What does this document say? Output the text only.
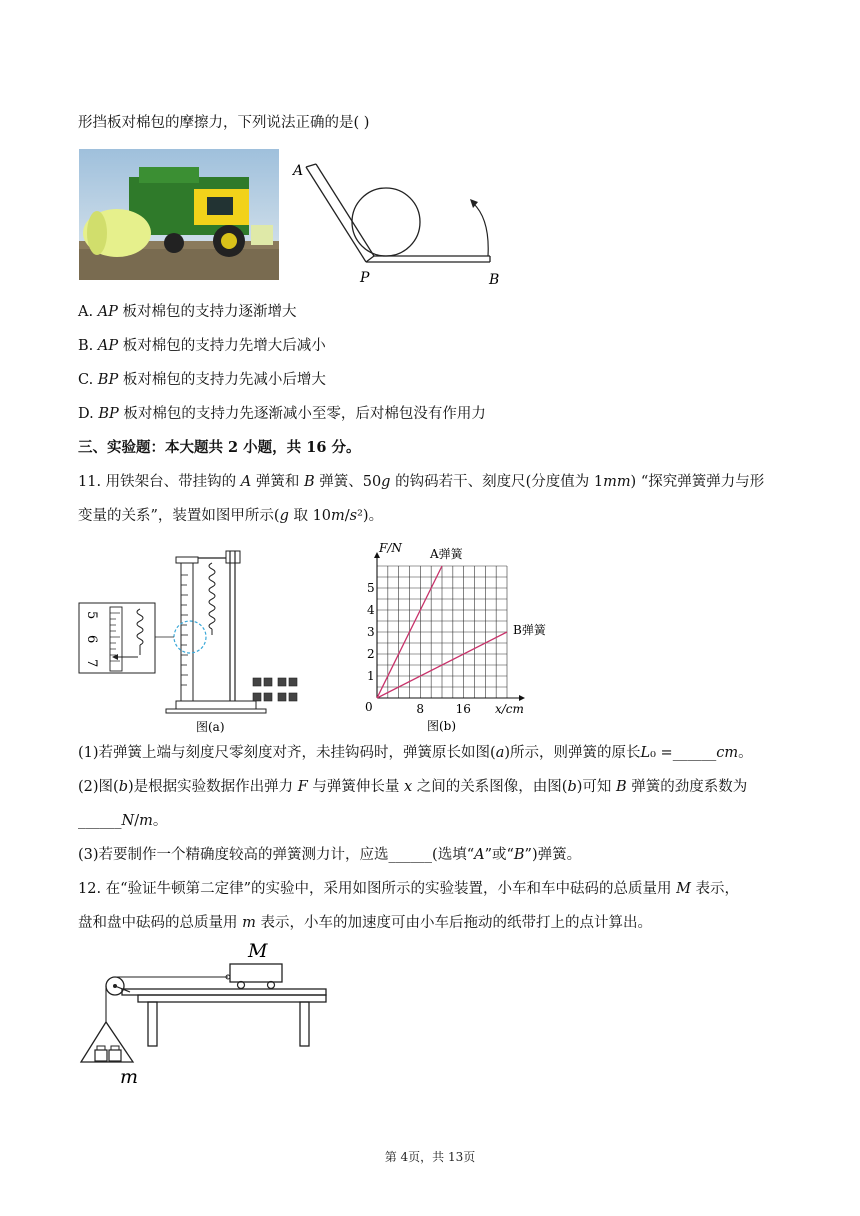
形挡板对棉包的摩擦力，下列说法正确的是( )
A
P	B
A. 𝐴𝑃 板对棉包的支持力逐渐增大
B. 𝐴𝑃 板对棉包的支持力先增大后减小
C. 𝐵𝑃 板对棉包的支持力先减小后增大
D. 𝐵𝑃 板对棉包的支持力先逐渐减小至零，后对棉包没有作用力
三、实验题：本大题共 2 小题，共 16 分。
11. 用铁架台、带挂钩的 𝐴 弹簧和 𝐵 弹簧、50𝑔 的钩码若干、刻度尺(分度值为 1𝑚𝑚) “探究弹簧弹力与形
变量的关系”，装置如图甲所示(𝑔 取 10𝑚/𝑠²)。
5
6
7
图(a)
8	16
1
2
3
4
5
A弹簧
B弹簧
F/N
x/cm
0
图(b)
(1)若弹簧上端与刻度尺零刻度对齐，未挂钩码时，弹簧原长如图(𝑎)所示，则弹簧的原长𝐿₀ =______𝑐𝑚。
(2)图(𝑏)是根据实验数据作出弹力 𝐹 与弹簧伸长量 𝑥 之间的关系图像，由图(𝑏)可知 𝐵 弹簧的劲度系数为
______𝑁/𝑚。
(3)若要制作一个精确度较高的弹簧测力计，应选______(选填“𝐴”或“𝐵”)弹簧。
12. 在“验证牛顿第二定律”的实验中，采用如图所示的实验装置，小车和车中砝码的总质量用 𝑀 表示，
盘和盘中砝码的总质量用 𝑚 表示，小车的加速度可由小车后拖动的纸带打上的点计算出。
M
m
第 4页，共 13页
